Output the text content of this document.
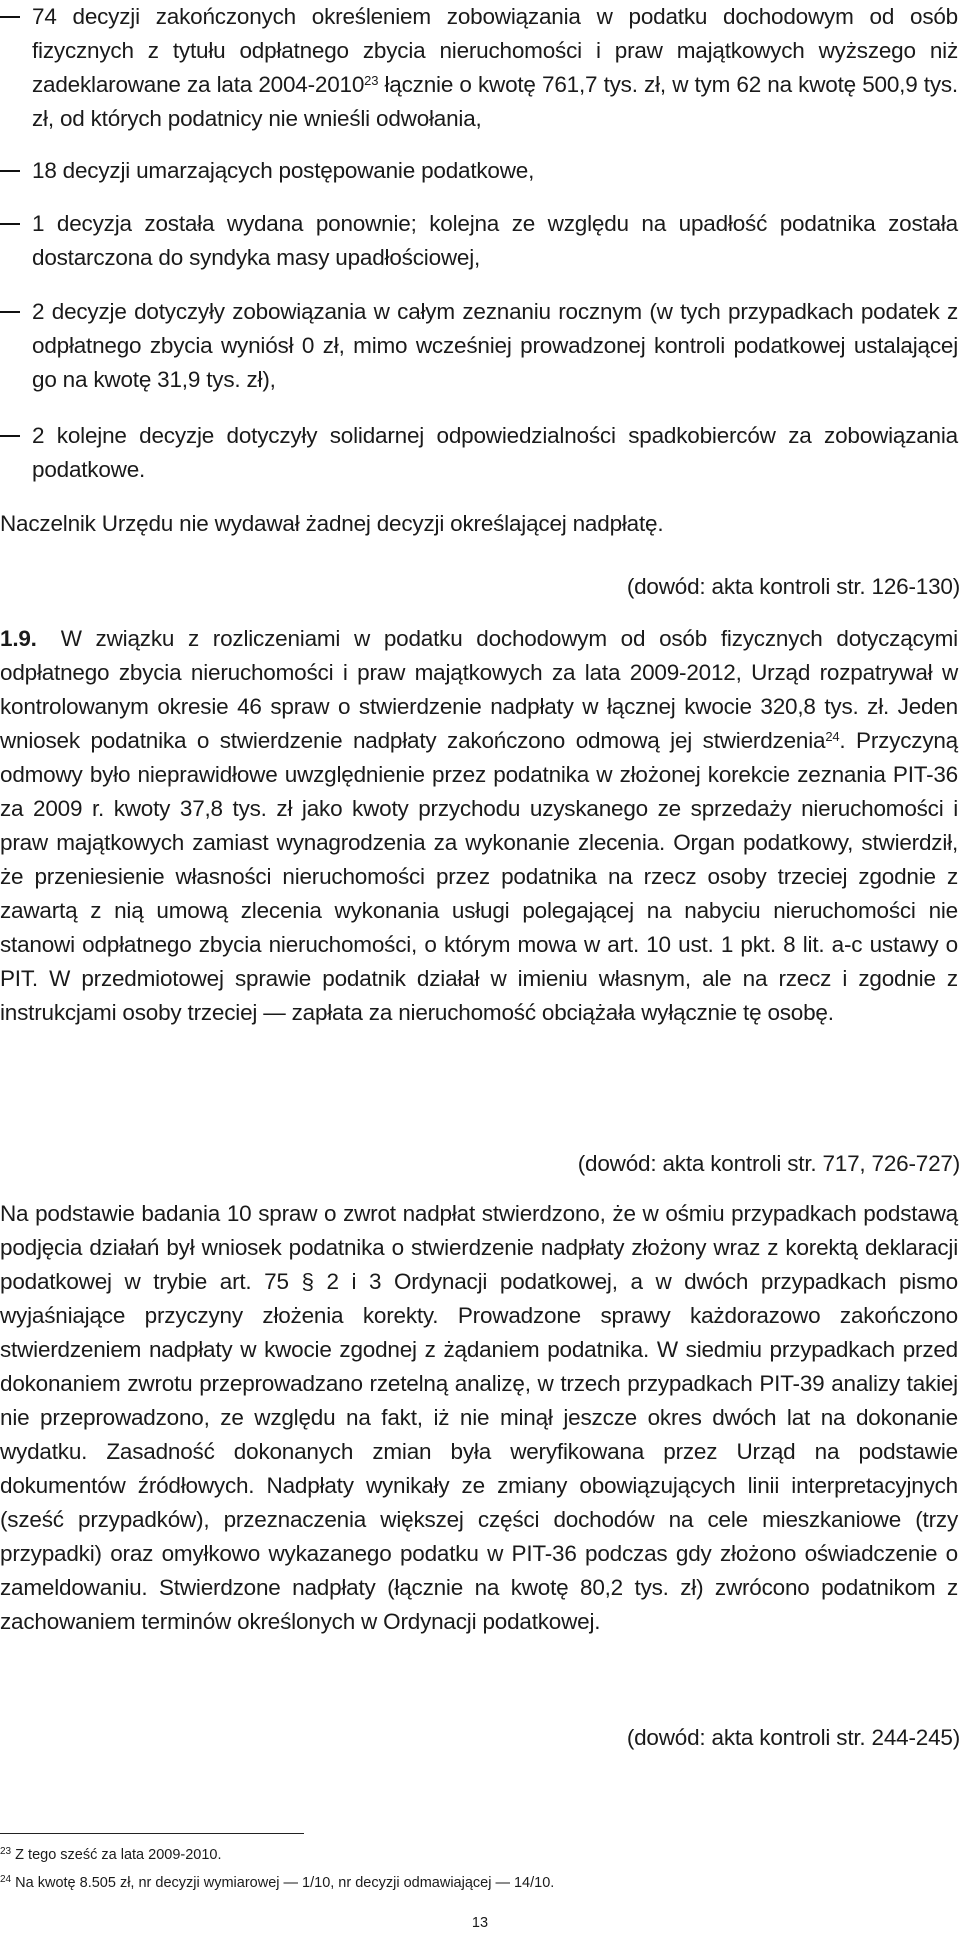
74 decyzji zakończonych określeniem zobowiązania w podatku dochodowym od osób fizycznych z tytułu odpłatnego zbycia nieruchomości i praw majątkowych wyższego niż zadeklarowane za lata 2004-2010$^{23}$ łącznie o kwotę 761,7 tys. zł, w tym 62 na kwotę 500,9 tys. zł, od których podatnicy nie wnieśli odwołania,
18 decyzji umarzających postępowanie podatkowe,
1 decyzja została wydana ponownie; kolejna ze względu na upadłość podatnika została dostarczona do syndyka masy upadłościowej,
2 decyzje dotyczyły zobowiązania w całym zeznaniu rocznym (w tych przypadkach podatek z odpłatnego zbycia wyniósł 0 zł, mimo wcześniej prowadzonej kontroli podatkowej ustalającej go na kwotę 31,9 tys. zł),
2 kolejne decyzje dotyczyły solidarnej odpowiedzialności spadkobierców za zobowiązania podatkowe.
Naczelnik Urzędu nie wydawał żadnej decyzji określającej nadpłatę.
(dowód: akta kontroli str. 126-130)
1.9. W związku z rozliczeniami w podatku dochodowym od osób fizycznych dotyczącymi odpłatnego zbycia nieruchomości i praw majątkowych za lata 2009-2012, Urząd rozpatrywał w kontrolowanym okresie 46 spraw o stwierdzenie nadpłaty w łącznej kwocie 320,8 tys. zł. Jeden wniosek podatnika o stwierdzenie nadpłaty zakończono odmową jej stwierdzenia$^{24}$. Przyczyną odmowy było nieprawidłowe uwzględnienie przez podatnika w złożonej korekcie zeznania PIT-36 za 2009 r. kwoty 37,8 tys. zł jako kwoty przychodu uzyskanego ze sprzedaży nieruchomości i praw majątkowych zamiast wynagrodzenia za wykonanie zlecenia. Organ podatkowy, stwierdził, że przeniesienie własności nieruchomości przez podatnika na rzecz osoby trzeciej zgodnie z zawartą z nią umową zlecenia wykonania usługi polegającej na nabyciu nieruchomości nie stanowi odpłatnego zbycia nieruchomości, o którym mowa w art. 10 ust. 1 pkt. 8 lit. a-c ustawy o PIT. W przedmiotowej sprawie podatnik działał w imieniu własnym, ale na rzecz i zgodnie z instrukcjami osoby trzeciej — zapłata za nieruchomość obciążała wyłącznie tę osobę.
(dowód: akta kontroli str. 717, 726-727)
Na podstawie badania 10 spraw o zwrot nadpłat stwierdzono, że w ośmiu przypadkach podstawą podjęcia działań był wniosek podatnika o stwierdzenie nadpłaty złożony wraz z korektą deklaracji podatkowej w trybie art. 75 § 2 i 3 Ordynacji podatkowej, a w dwóch przypadkach pismo wyjaśniające przyczyny złożenia korekty. Prowadzone sprawy każdorazowo zakończono stwierdzeniem nadpłaty w kwocie zgodnej z żądaniem podatnika. W siedmiu przypadkach przed dokonaniem zwrotu przeprowadzano rzetelną analizę, w trzech przypadkach PIT-39 analizy takiej nie przeprowadzono, ze względu na fakt, iż nie minął jeszcze okres dwóch lat na dokonanie wydatku. Zasadność dokonanych zmian była weryfikowana przez Urząd na podstawie dokumentów źródłowych. Nadpłaty wynikały ze zmiany obowiązujących linii interpretacyjnych (sześć przypadków), przeznaczenia większej części dochodów na cele mieszkaniowe (trzy przypadki) oraz omyłkowo wykazanego podatku w PIT-36 podczas gdy złożono oświadczenie o zameldowaniu. Stwierdzone nadpłaty (łącznie na kwotę 80,2 tys. zł) zwrócono podatnikom z zachowaniem terminów określonych w Ordynacji podatkowej.
(dowód: akta kontroli str. 244-245)
$^{23}$ Z tego sześć za lata 2009-2010.
$^{24}$ Na kwotę 8.505 zł, nr decyzji wymiarowej — 1/10, nr decyzji odmawiającej — 14/10.
13
